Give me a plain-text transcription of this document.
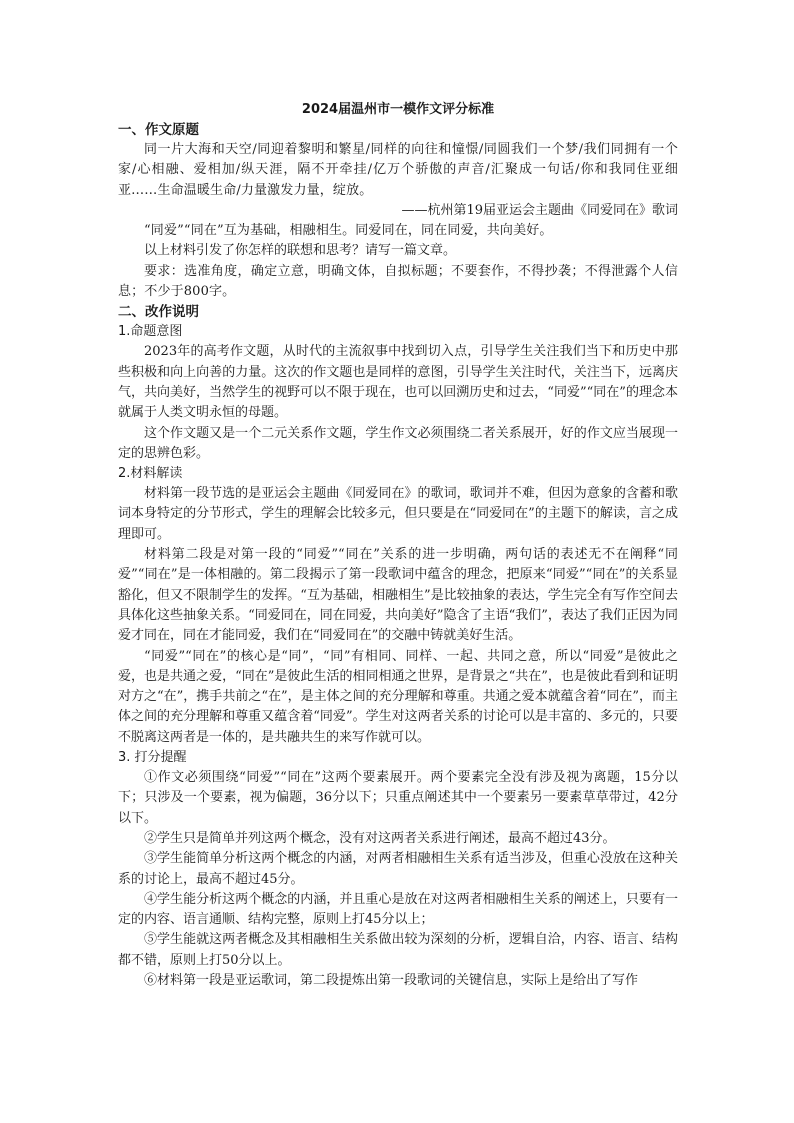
2024届温州市一模作文评分标准

一、作文原题

同一片大海和天空/同迎着黎明和繁星/同样的向往和憧憬/同圆我们一个梦/我们同拥有一个家/心相融、爱相加/纵天涯，隔不开牵挂/亿万个骄傲的声音/汇聚成一句话/你和我同住亚细亚……生命温暖生命/力量激发力量，绽放。

——杭州第19届亚运会主题曲《同爱同在》歌词

“同爱”“同在”互为基础，相融相生。同爱同在，同在同爱，共向美好。

以上材料引发了你怎样的联想和思考？请写一篇文章。

要求：选准角度，确定立意，明确文体，自拟标题；不要套作，不得抄袭；不得泄露个人信息；不少于800字。

二、改作说明

1.命题意图

2023年的高考作文题，从时代的主流叙事中找到切入点，引导学生关注我们当下和历史中那些积极和向上向善的力量。这次的作文题也是同样的意图，引导学生关注时代，关注当下，远离庆气，共向美好，当然学生的视野可以不限于现在，也可以回溯历史和过去，“同爱”“同在”的理念本就属于人类文明永恒的母题。

这个作文题又是一个二元关系作文题，学生作文必须围绕二者关系展开，好的作文应当展现一定的思辨色彩。

2.材料解读

材料第一段节选的是亚运会主题曲《同爱同在》的歌词，歌词并不难，但因为意象的含蓄和歌词本身特定的分节形式，学生的理解会比较多元，但只要是在“同爱同在”的主题下的解读，言之成理即可。

材料第二段是对第一段的“同爱”“同在”关系的进一步明确，两句话的表述无不在阐释“同爱”“同在”是一体相融的。第二段揭示了第一段歌词中蕴含的理念，把原来“同爱”“同在”的关系显豁化，但又不限制学生的发挥。“互为基础，相融相生”是比较抽象的表达，学生完全有写作空间去具体化这些抽象关系。“同爱同在，同在同爱，共向美好”隐含了主语“我们”，表达了我们正因为同爱才同在，同在才能同爱，我们在“同爱同在”的交融中铸就美好生活。

“同爱”“同在”的核心是“同”，“同”有相同、同样、一起、共同之意，所以“同爱”是彼此之爱，也是共通之爱，“同在”是彼此生活的相同相通之世界，是背景之“共在”，也是彼此看到和证明对方之“在”，携手共前之“在”，是主体之间的充分理解和尊重。共通之爱本就蕴含着“同在”，而主体之间的充分理解和尊重又蕴含着“同爱”。学生对这两者关系的讨论可以是丰富的、多元的，只要不脱离这两者是一体的，是共融共生的来写作就可以。

3. 打分提醒

①作文必须围绕“同爱”“同在”这两个要素展开。两个要素完全没有涉及视为离题，15分以下；只涉及一个要素，视为偏题，36分以下；只重点阐述其中一个要素另一要素草草带过，42分以下。

②学生只是简单并列这两个概念，没有对这两者关系进行阐述，最高不超过43分。

③学生能简单分析这两个概念的内涵，对两者相融相生关系有适当涉及，但重心没放在这种关系的讨论上，最高不超过45分。

④学生能分析这两个概念的内涵，并且重心是放在对这两者相融相生关系的阐述上，只要有一定的内容、语言通顺、结构完整，原则上打45分以上；

⑤学生能就这两者概念及其相融相生关系做出较为深刻的分析，逻辑自洽，内容、语言、结构都不错，原则上打50分以上。

⑥材料第一段是亚运歌词，第二段提炼出第一段歌词的关键信息，实际上是给出了写作
